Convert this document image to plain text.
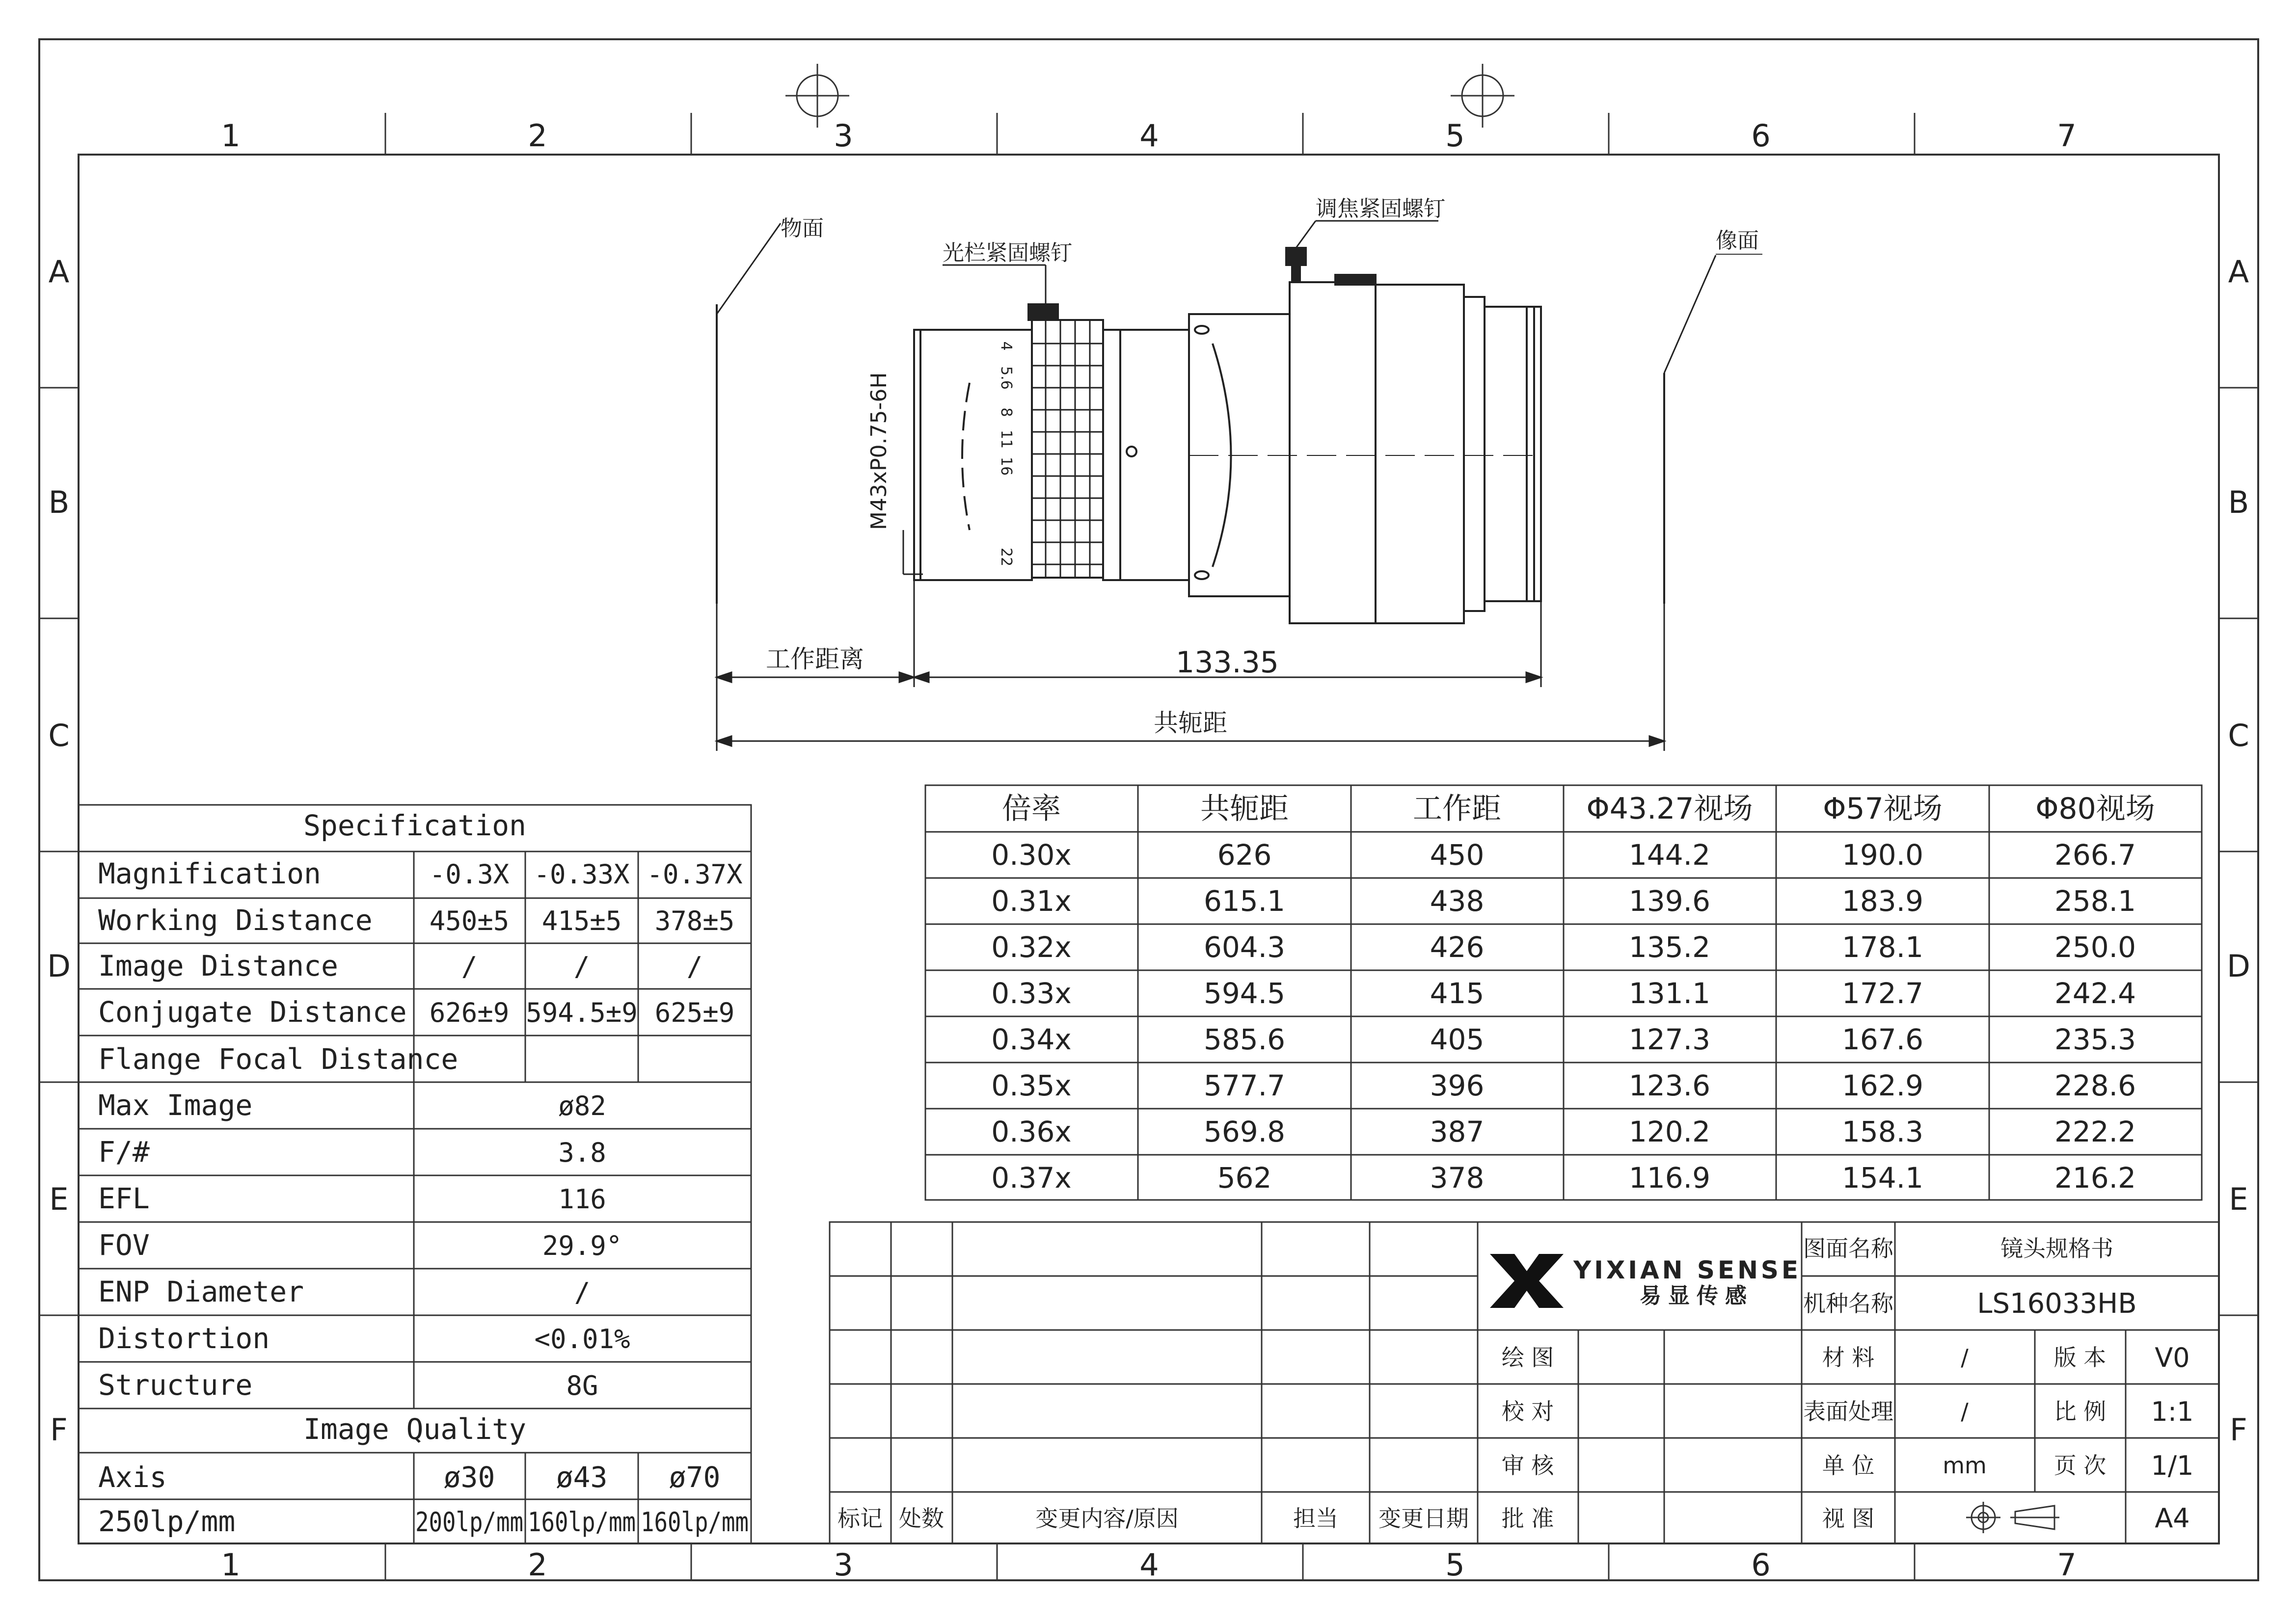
1	2	3	4	5	6	7
1	2	3	4	5	6	7
A
B
C
D
E
F
A
B
C
D
E
F
4
5.6
8
11
16
22
物面	像面
光栏紧固螺钉
调焦紧固螺钉
M43xP0.75-6H
工作距离	133.35
共轭距
倍率	共轭距	工作距	Φ43.27视场 Φ57视场	Φ80视场
0.30x	626	450	144.2	190.0	266.7
0.31x	615.1	438	139.6	183.9	258.1
0.32x	604.3	426	135.2	178.1	250.0
0.33x	594.5	415	131.1	172.7	242.4
0.34x	585.6	405	127.3	167.6	235.3
0.35x	577.7	396	123.6	162.9	228.6
0.36x	569.8	387	120.2	158.3	222.2
0.37x	562	378	116.9	154.1	216.2
Specification
Magnification	-0.3X -0.33X -0.37X
Working Distance 450±5 415±5 378±5
Image Distance	/	/	/
Conjugate Distance 626±9 594.5±9 625±9
Flange Focal Distance
Max Image	ø82
F/#	3.8
EFL	116
FOV	29.9°
ENP Diameter	/
Distortion	<0.01%
Structure	8G
Image Quality
Axis	ø30 ø43 ø70
250lp/mm	200lp/mm 160lp/mm 160lp/mm
YIXIAN SENSE
易显传感
标记 处数	变更内容/原因	担当 变更日期
绘 图
校 对
审 核
批 准
图面名称	镜头规格书
机种名称	LS16033HB
材 料	/	版 本 V0
表面处理	/	比 例 1:1
单 位	mm	页 次 1/1
视 图	A4
